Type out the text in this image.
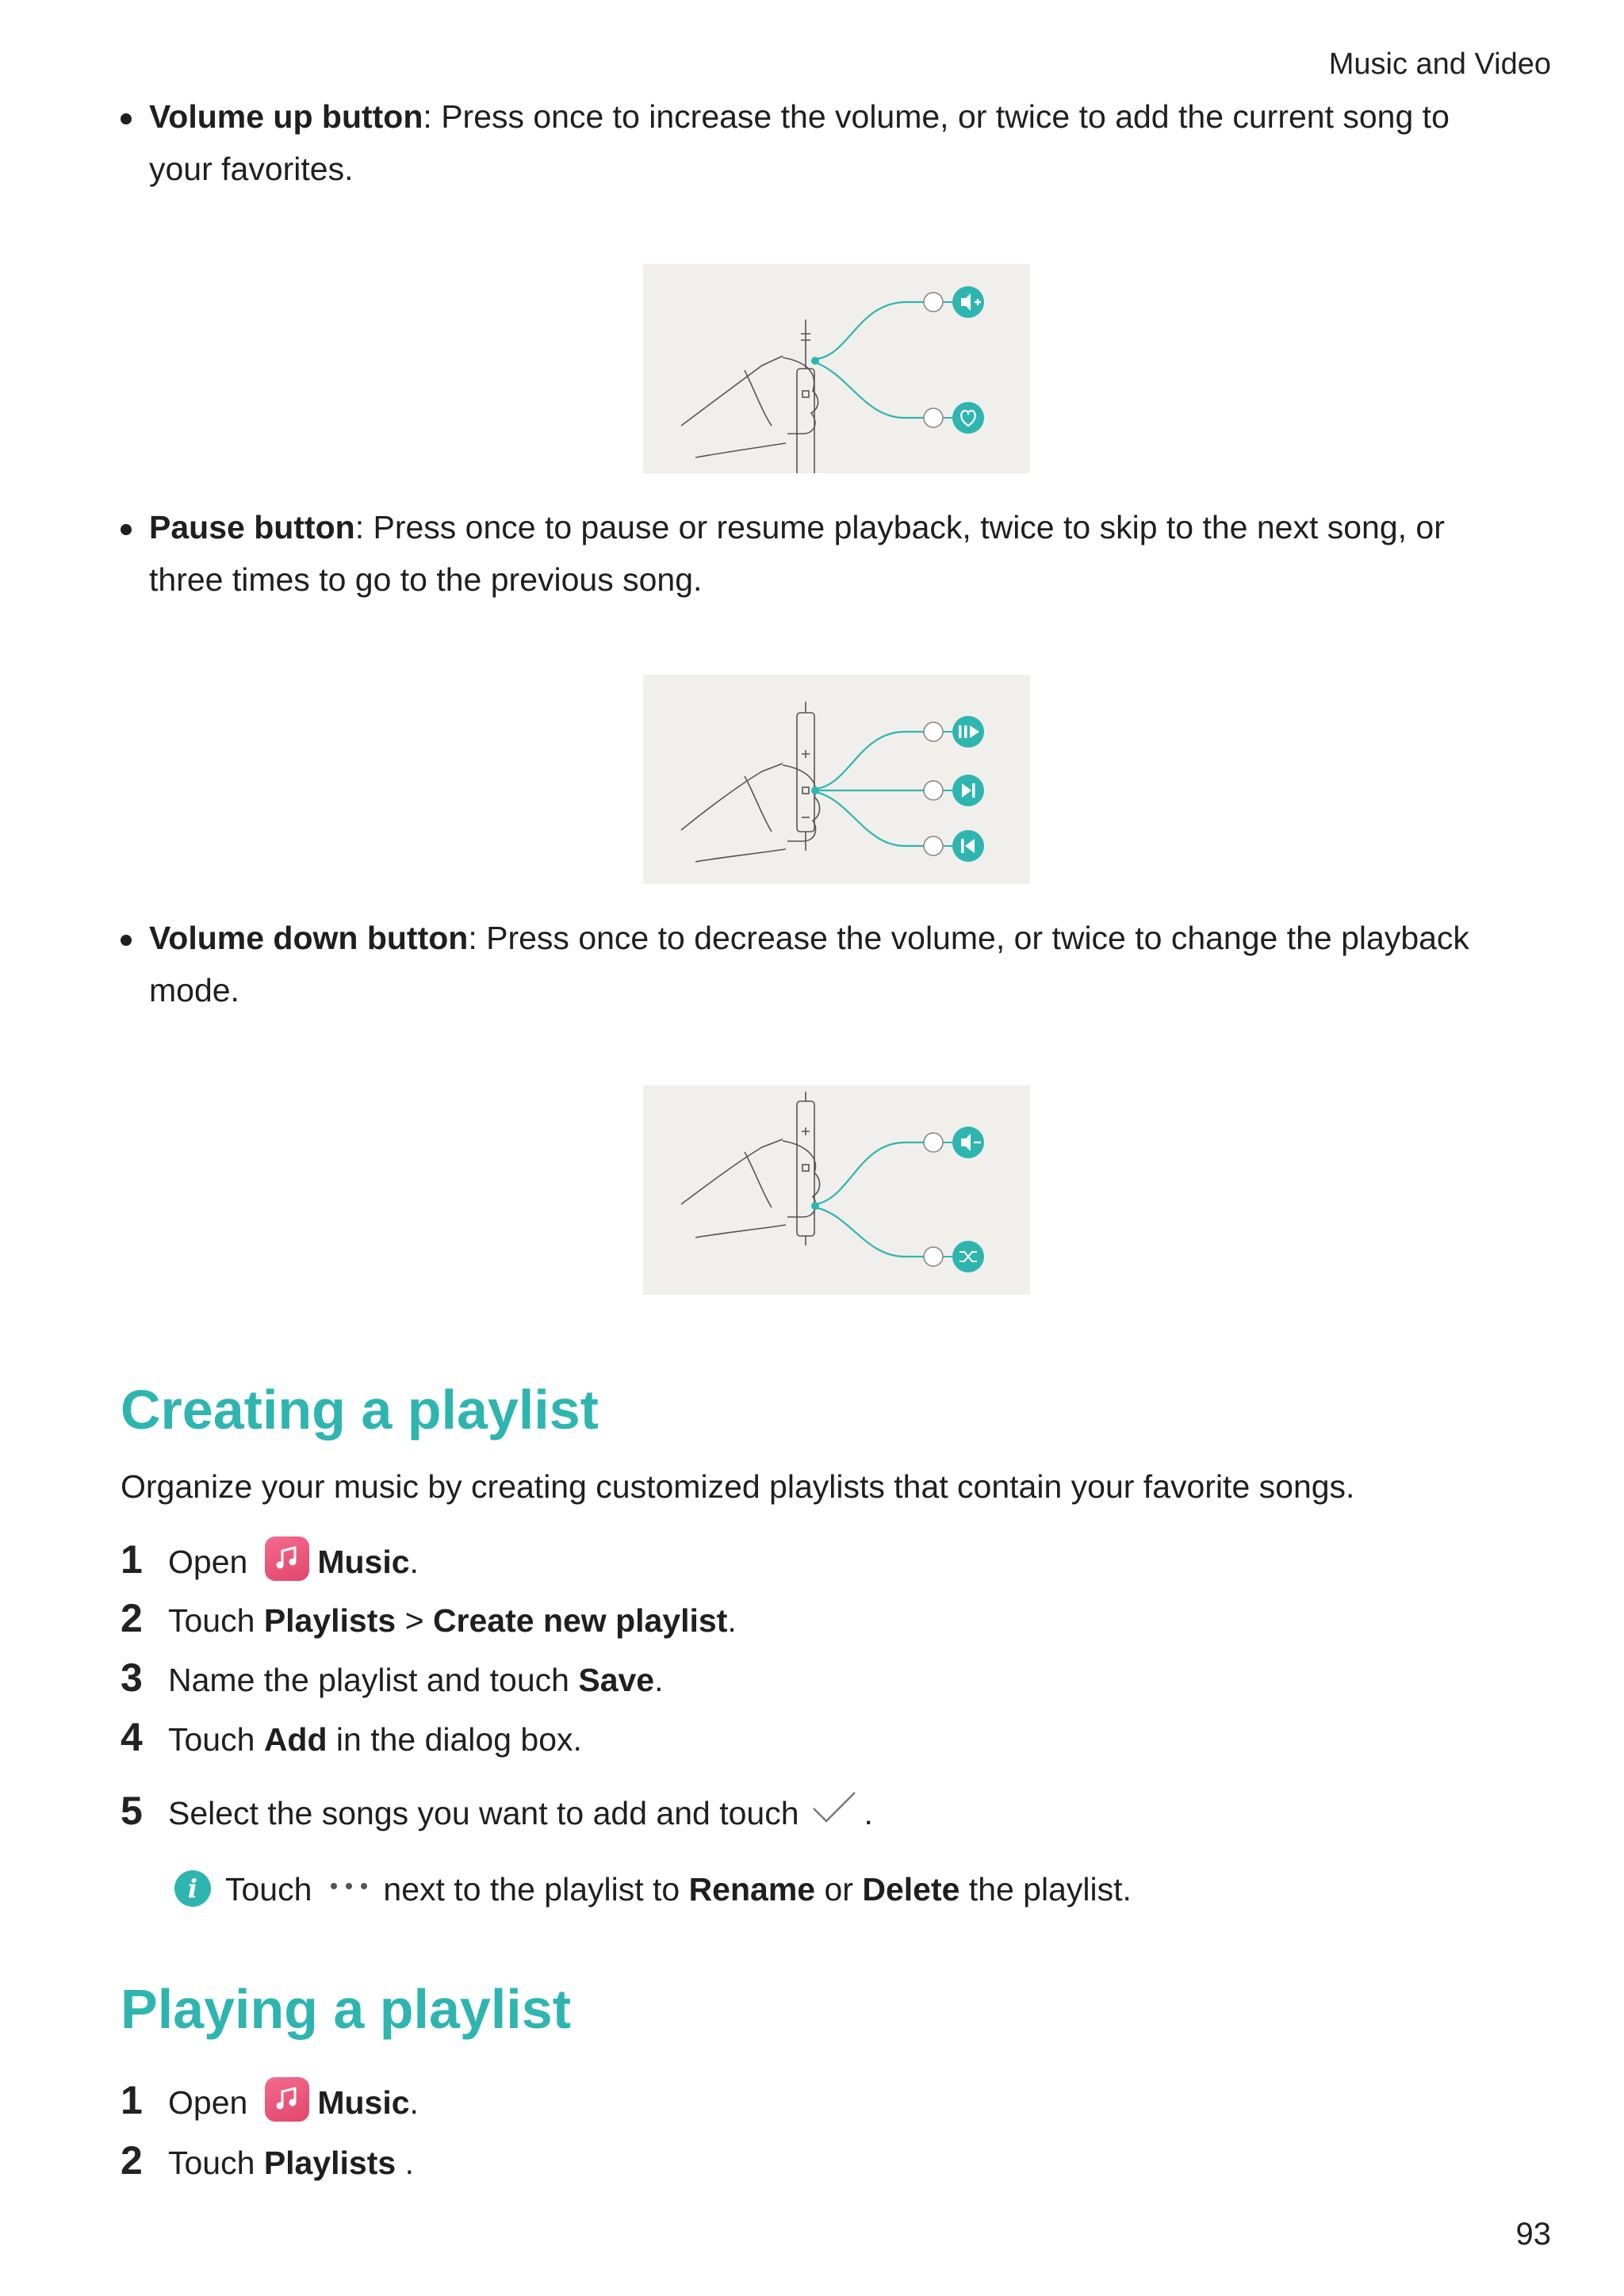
Music and Video
Volume up button: Press once to increase the volume, or twice to add the current song to your favorites.
Pause button: Press once to pause or resume playback, twice to skip to the next song, or three times to go to the previous song.
Volume down button: Press once to decrease the volume, or twice to change the playback mode.
Creating a playlist
Organize your music by creating customized playlists that contain your favorite songs.
1 Open Music.
2 Touch Playlists > Create new playlist.
3 Name the playlist and touch Save.
4 Touch Add in the dialog box.
5 Select the songs you want to add and touch .
i Touch next to the playlist to Rename or Delete the playlist.
Playing a playlist
1 Open Music.
2 Touch Playlists .
93
